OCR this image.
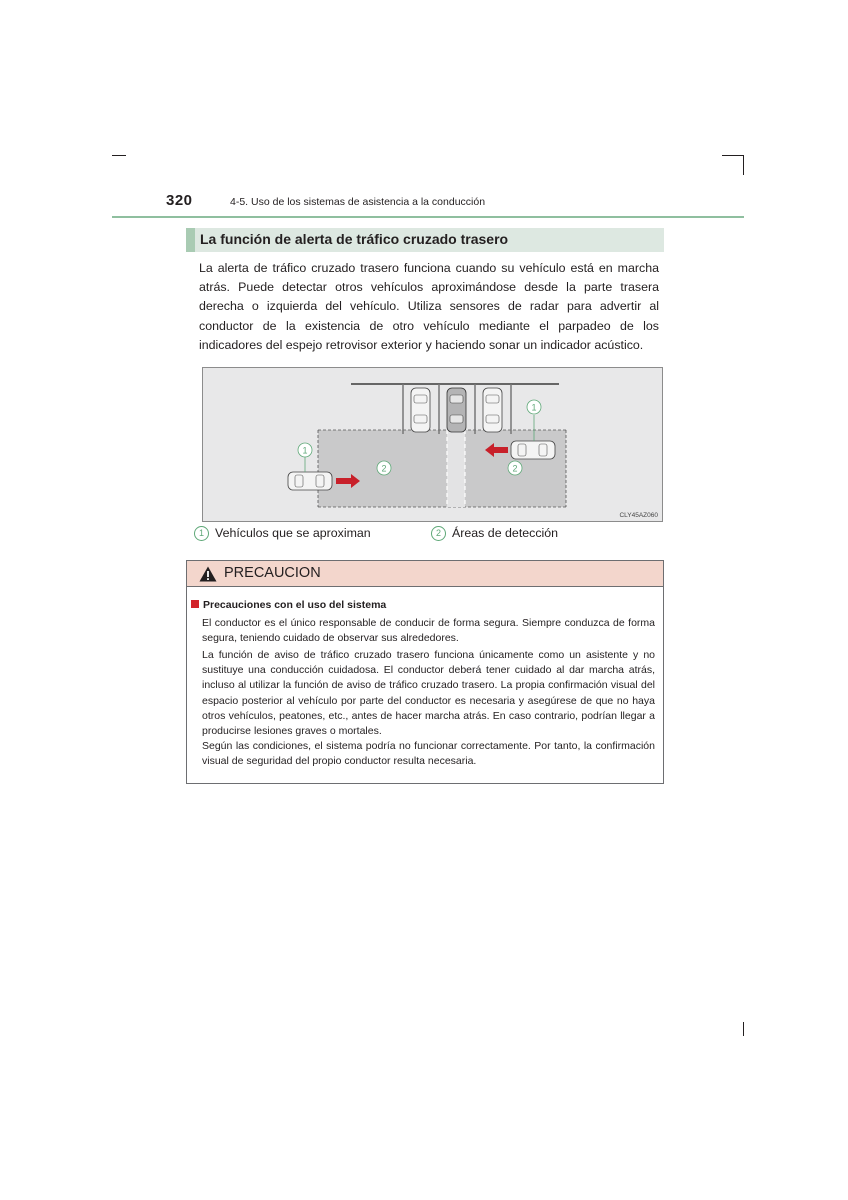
320	4-5. Uso de los sistemas de asistencia a la conducción
La función de alerta de tráfico cruzado trasero

La alerta de tráfico cruzado trasero funciona cuando su vehículo está en marcha atrás. Puede detectar otros vehículos aproximándose desde la parte trasera derecha o izquierda del vehículo. Utiliza sensores de radar para advertir al conductor de la existencia de otro vehículo mediante el parpadeo de los indicadores del espejo retrovisor exterior y haciendo sonar un indicador acústico.

1
1
2	2
CLY45AZ060
1 Vehículos que se aproximan	2 Áreas de detección
PRECAUCION
Precauciones con el uso del sistema

El conductor es el único responsable de conducir de forma segura. Siempre conduzca de forma segura, teniendo cuidado de observar sus alrededores.

La función de aviso de tráfico cruzado trasero funciona únicamente como un asistente y no sustituye una conducción cuidadosa. El conductor deberá tener cuidado al dar marcha atrás, incluso al utilizar la función de aviso de tráfico cruzado trasero. La propia confirmación visual del espacio posterior al vehículo por parte del conductor es necesaria y asegúrese de que no haya otros vehículos, peatones, etc., antes de hacer marcha atrás. En caso contrario, podrían llegar a producirse lesiones graves o mortales.

Según las condiciones, el sistema podría no funcionar correctamente. Por tanto, la confirmación visual de seguridad del propio conductor resulta necesaria.
